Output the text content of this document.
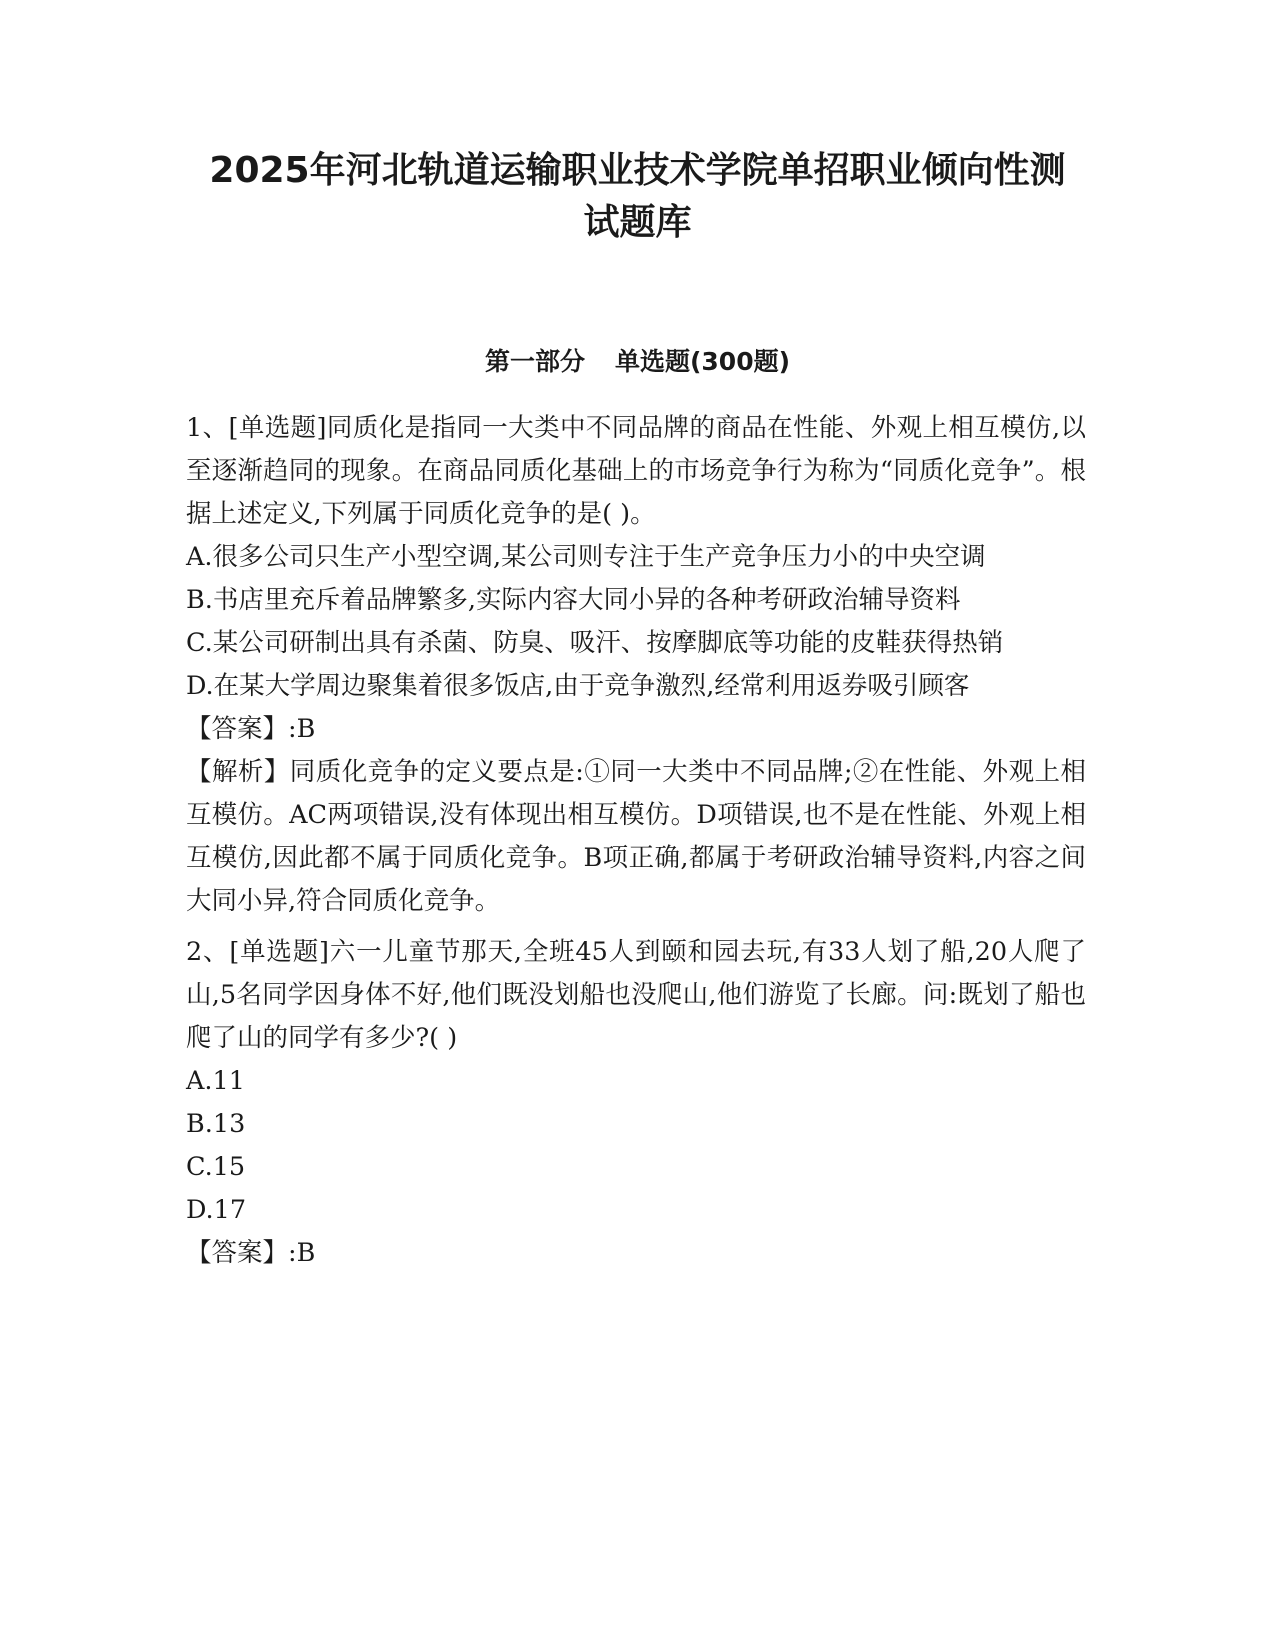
2025年河北轨道运输职业技术学院单招职业倾向性测
试题库
第一部分 单选题(300题)

1、[单选题]同质化是指同一大类中不同品牌的商品在性能、外观上相互模仿,以至逐渐趋同的现象。在商品同质化基础上的市场竞争行为称为“同质化竞争”。根据上述定义,下列属于同质化竞争的是( )。

A.很多公司只生产小型空调,某公司则专注于生产竞争压力小的中央空调

B.书店里充斥着品牌繁多,实际内容大同小异的各种考研政治辅导资料

C.某公司研制出具有杀菌、防臭、吸汗、按摩脚底等功能的皮鞋获得热销

D.在某大学周边聚集着很多饭店,由于竞争激烈,经常利用返券吸引顾客

【答案】:B

【解析】同质化竞争的定义要点是:①同一大类中不同品牌;②在性能、外观上相互模仿。AC两项错误,没有体现出相互模仿。D项错误,也不是在性能、外观上相互模仿,因此都不属于同质化竞争。B项正确,都属于考研政治辅导资料,内容之间大同小异,符合同质化竞争。

2、[单选题]六一儿童节那天,全班45人到颐和园去玩,有33人划了船,20人爬了山,5名同学因身体不好,他们既没划船也没爬山,他们游览了长廊。问:既划了船也爬了山的同学有多少?( )

A.11

B.13

C.15

D.17

【答案】:B
